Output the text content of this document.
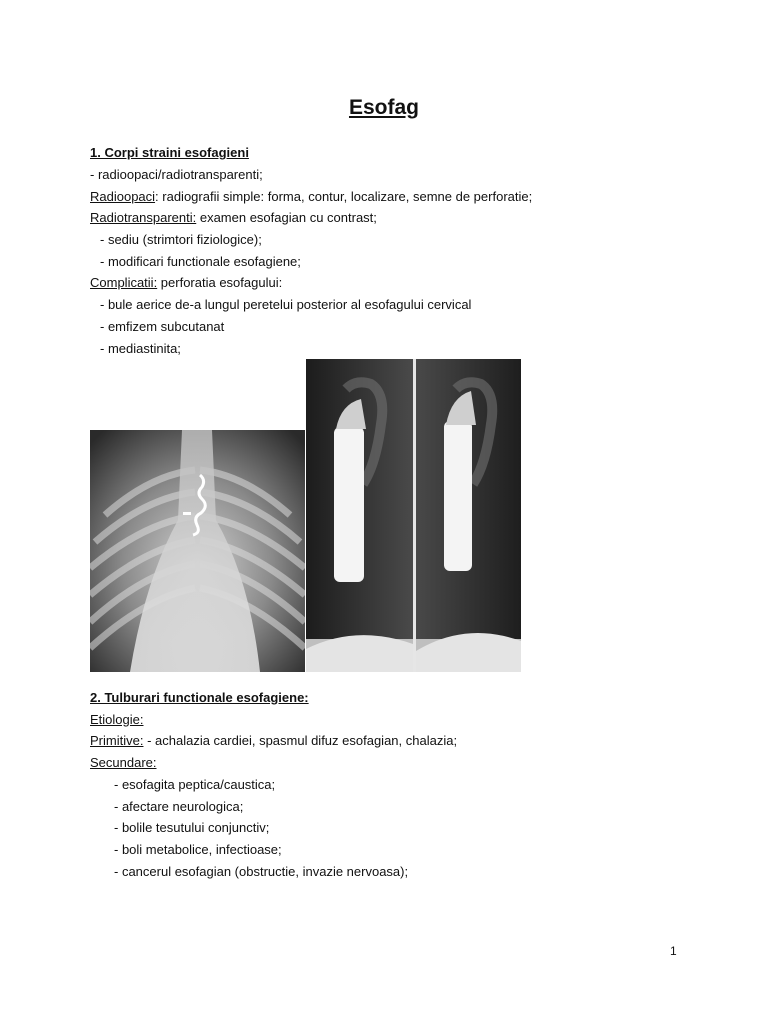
Esofag
1. Corpi straini esofagieni
- radioopaci/radiotransparenti;
Radioopaci: radiografii simple: forma, contur, localizare, semne de perforatie;
Radiotransparenti: examen esofagian cu contrast;
- sediu (strimtori fiziologice);
- modificari functionale esofagiene;
Complicatii: perforatia esofagului:
- bule aerice de-a lungul peretelui posterior al esofagului cervical
- emfizem subcutanat
- mediastinita;
2. Tulburari functionale esofagiene:
Etiologie:
Primitive: - achalazia cardiei, spasmul difuz esofagian, chalazia;
Secundare:
- esofagita peptica/caustica;
- afectare neurologica;
- bolile tesutului conjunctiv;
- boli metabolice, infectioase;
- cancerul esofagian (obstructie, invazie nervoasa);
1
